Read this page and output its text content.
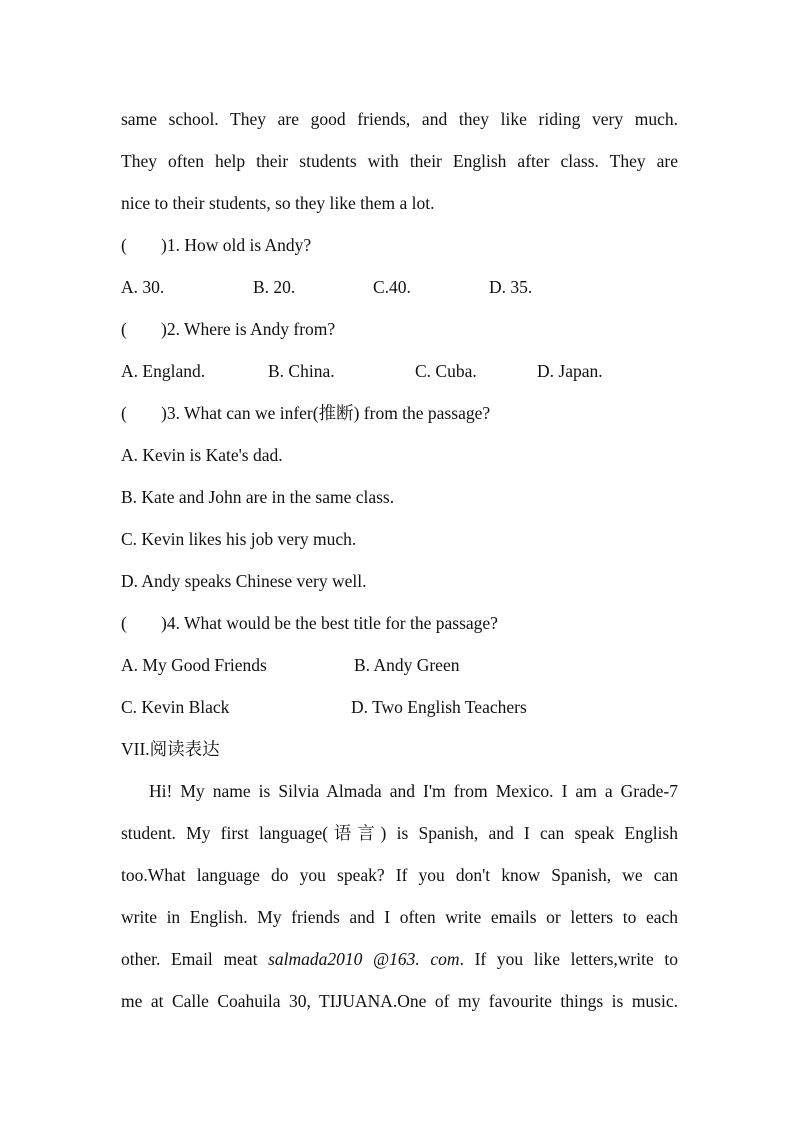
same school. They are good friends, and they like riding very much.
They often help their students with their English after class. They are
nice to their students, so they like them a lot.
( )1. How old is Andy?
A. 30.	B. 20.	C.40.	D. 35.
( )2. Where is Andy from?
A. England.	B. China.	C. Cuba.	D. Japan.
( )3. What can we infer(推断) from the passage?
A. Kevin is Kate's dad.
B. Kate and John are in the same class.
C. Kevin likes his job very much.
D. Andy speaks Chinese very well.
( )4. What would be the best title for the passage?
A. My Good Friends	B. Andy Green
C. Kevin Black	D. Two English Teachers
VII.阅读表达
Hi! My name is Silvia Almada and I'm from Mexico. I am a Grade-7
student. My first language(语言) is Spanish, and I can speak English
too.What language do you speak? If you don't know Spanish, we can
write in English. My friends and I often write emails or letters to each
other. Email meat salmada2010 @163. com. If you like letters,write to
me at Calle Coahuila 30, TIJUANA.One of my favourite things is music.
